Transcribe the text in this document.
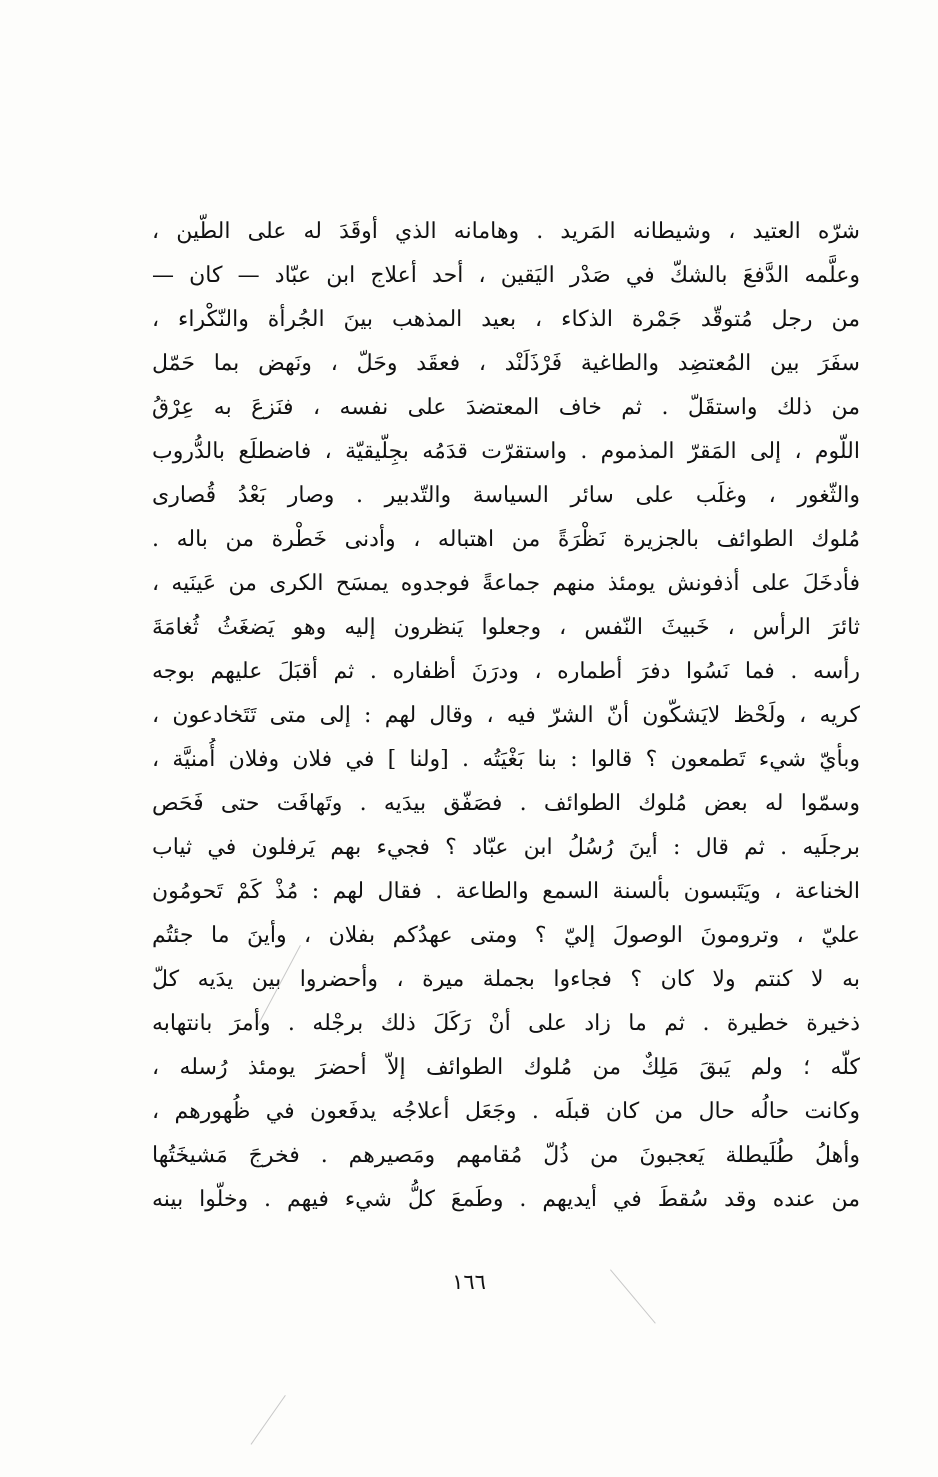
شرّه العتيد ، وشيطانه المَريد . وهامانه الذي أوقَدَ له على الطّين ،
وعلَّمه الدَّفعَ بالشكّ في صَدْر اليَقين ، أحد أعلاج ابن عبّاد — كان —
من رجل مُتوقّد جَمْرة الذكاء ، بعيد المذهب بينَ الجُرأة والنّكْراء ،
سفَرَ بين المُعتضِد والطاغية فَرْذَلَنْد ، فعقَد وحَلّ ، ونَهض بما حَمّل
من ذلك واستقَلّ . ثم خاف المعتضدَ على نفسه ، فنَزعَ به عِرْقُ
اللّوم ، إلى المَقرّ المذموم . واستقرّت قدَمُه بجِلّيقيّة ، فاضطلَع بالدُّروب
والثّغور ، وغلَب على سائر السياسة والتّدبير . وصار بَعْدُ قُصارى
مُلوك الطوائف بالجزيرة نَظْرَةً من اهتباله ، وأدنى خَطْرة من باله .
فأدخَلَ على أذفونش يومئذ منهم جماعةً فوجدوه يمسَح الكرى من عَينَيه ،
ثائرَ الرأس ، خَبيثَ النّفس ، وجعلوا يَنظرون إليه وهو يَضغَثُ ثُغامَةَ
رأسه . فما نَسُوا دفرَ أطماره ، ودرَنَ أظفاره . ثم أقبَلَ عليهم بوجه
كريه ، ولَحْظ لايَشكّون أنّ الشرّ فيه ، وقال لهم : إلى متى تَتَخادعون ،
وبأيّ شيء تَطمعون ؟ قالوا : بنا بَغْيَتُه . [ولنا ] في فلان وفلان أُمنيَّة ،
وسمّوا له بعض مُلوك الطوائف . فصَفّق بيدَيه . وتَهافَت حتى فَحَص
برجلَيه . ثم قال : أينَ رُسُلُ ابن عبّاد ؟ فجيء بهم يَرفلون في ثياب
الخناعة ، ويَتَبسون بألسنة السمع والطاعة . فقال لهم : مُذْ كَمْ تَحومُون
عليّ ، وترومونَ الوصولَ إليّ ؟ ومتى عهدُكم بفلان ، وأينَ ما جئتُم
به لا كنتم ولا كان ؟ فجاءوا بجملة ميرة ، وأحضروا بين يدَيه كلّ
ذخيرة خطيرة . ثم ما زاد على أنْ رَكَلَ ذلك برجْله . وأمرَ بانتهابه
كلّه ؛ ولم يَبقَ مَلِكٌ من مُلوك الطوائف إلاّ أحضرَ يومئذ رُسله ،
وكانت حالُه حال من كان قبلَه . وجَعَل أعلاجُه يدفَعون في ظُهورهم ،
وأهلُ طُلَيطلة يَعجبونَ من ذُلّ مُقامهم ومَصيرهم . فخرجَ مَشيخَتُها
من عنده وقد سُقطَ في أيديهم . وطَمعَ كلُّ شيء فيهم . وخلّوا بينه
١٦٦
